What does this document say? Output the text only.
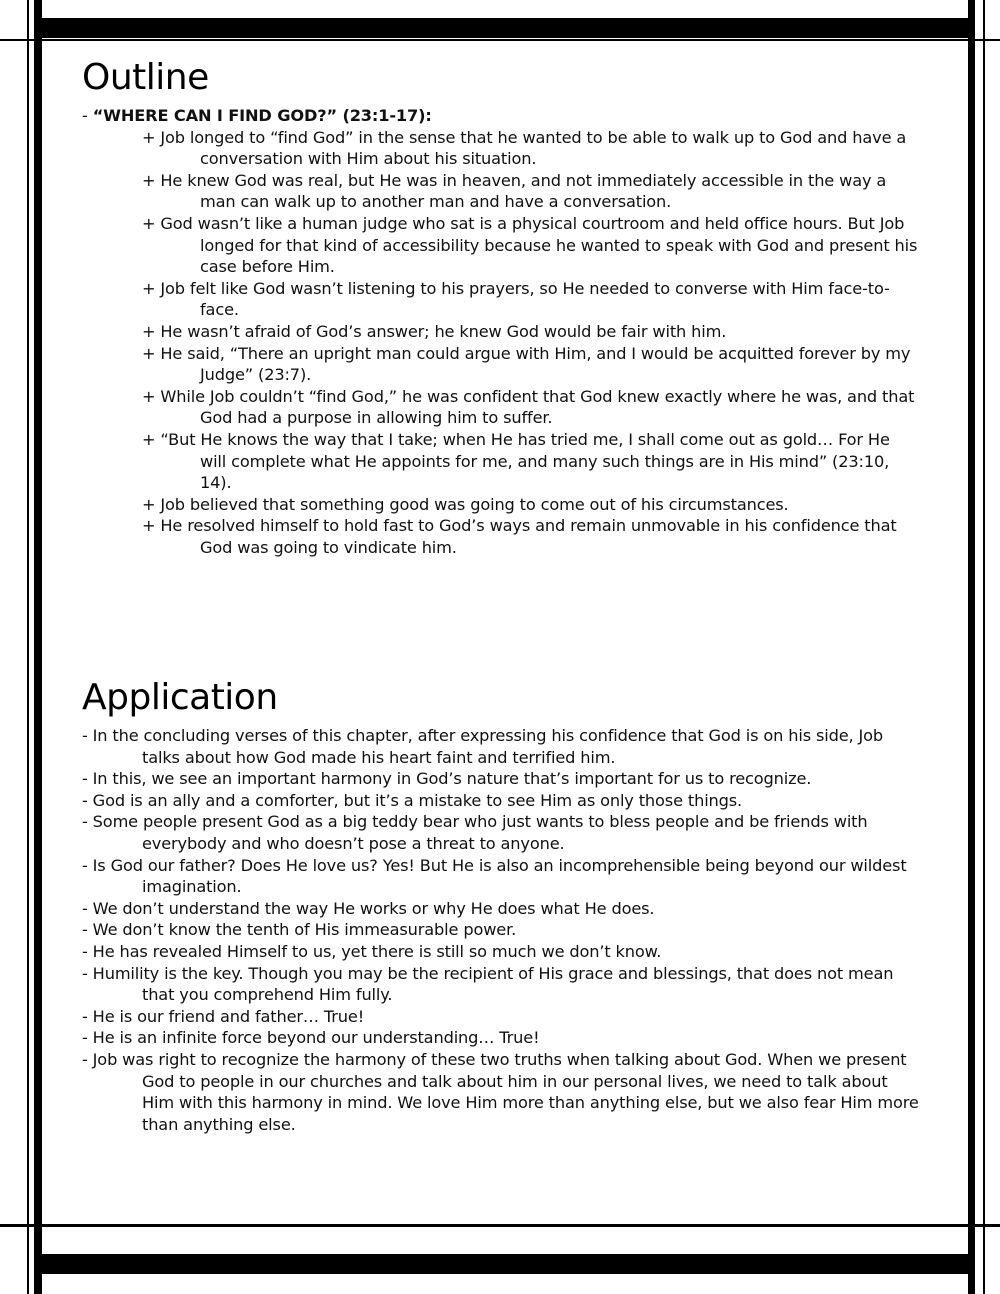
Outline
- “WHERE CAN I FIND GOD?” (23:1-17):
+ Job longed to “find God” in the sense that he wanted to be able to walk up to God and have a conversation with Him about his situation.
+ He knew God was real, but He was in heaven, and not immediately accessible in the way a man can walk up to another man and have a conversation.
+ God wasn’t like a human judge who sat is a physical courtroom and held office hours. But Job longed for that kind of accessibility because he wanted to speak with God and present his case before Him.
+ Job felt like God wasn’t listening to his prayers, so He needed to converse with Him face-to-face.
+ He wasn’t afraid of God’s answer; he knew God would be fair with him.
+ He said, “There an upright man could argue with Him, and I would be acquitted forever by my Judge” (23:7).
+ While Job couldn’t “find God,” he was confident that God knew exactly where he was, and that God had a purpose in allowing him to suffer.
+ “But He knows the way that I take; when He has tried me, I shall come out as gold… For He will complete what He appoints for me, and many such things are in His mind” (23:10, 14).
+ Job believed that something good was going to come out of his circumstances.
+ He resolved himself to hold fast to God’s ways and remain unmovable in his confidence that God was going to vindicate him.
Application
- In the concluding verses of this chapter, after expressing his confidence that God is on his side, Job talks about how God made his heart faint and terrified him.
- In this, we see an important harmony in God’s nature that’s important for us to recognize.
- God is an ally and a comforter, but it’s a mistake to see Him as only those things.
- Some people present God as a big teddy bear who just wants to bless people and be friends with everybody and who doesn’t pose a threat to anyone.
- Is God our father? Does He love us? Yes! But He is also an incomprehensible being beyond our wildest imagination.
- We don’t understand the way He works or why He does what He does.
- We don’t know the tenth of His immeasurable power.
- He has revealed Himself to us, yet there is still so much we don’t know.
- Humility is the key. Though you may be the recipient of His grace and blessings, that does not mean that you comprehend Him fully.
- He is our friend and father… True!
- He is an infinite force beyond our understanding… True!
- Job was right to recognize the harmony of these two truths when talking about God. When we present God to people in our churches and talk about him in our personal lives, we need to talk about Him with this harmony in mind. We love Him more than anything else, but we also fear Him more than anything else.
